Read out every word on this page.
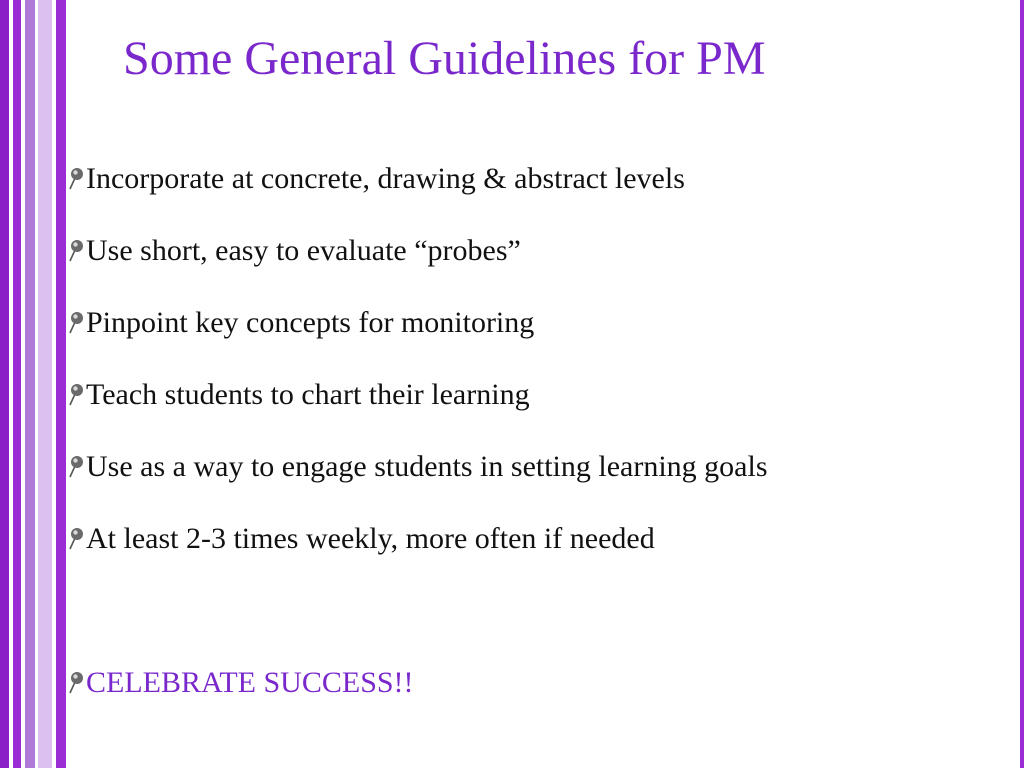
Some General Guidelines for PM
Incorporate at concrete, drawing & abstract levels
Use short, easy to evaluate “probes”
Pinpoint key concepts for monitoring
Teach students to chart their learning
Use as a way to engage students in setting learning goals
At least 2-3 times weekly, more often if needed
CELEBRATE SUCCESS!!
